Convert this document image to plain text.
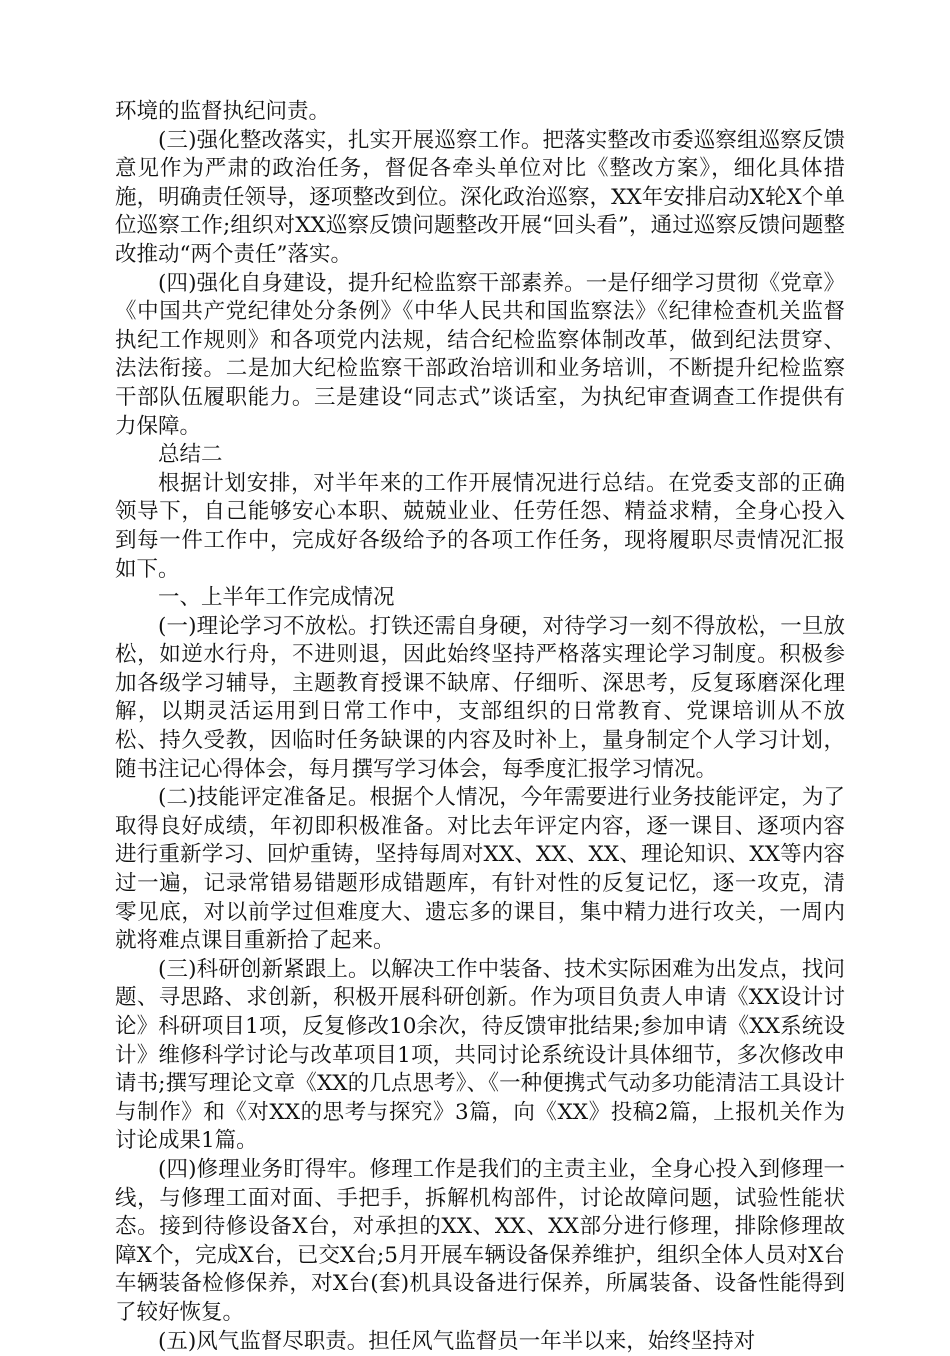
环境的监督执纪问责。

(三)强化整改落实，扎实开展巡察工作。把落实整改市委巡察组巡察反馈意见作为严肃的政治任务，督促各牵头单位对比《整改方案》，细化具体措施，明确责任领导，逐项整改到位。深化政治巡察，XX年安排启动X轮X个单位巡察工作;组织对XX巡察反馈问题整改开展“回头看”，通过巡察反馈问题整改推动“两个责任”落实。

(四)强化自身建设，提升纪检监察干部素养。一是仔细学习贯彻《党章》《中国共产党纪律处分条例》《中华人民共和国监察法》《纪律检查机关监督执纪工作规则》和各项党内法规，结合纪检监察体制改革，做到纪法贯穿、法法衔接。二是加大纪检监察干部政治培训和业务培训，不断提升纪检监察干部队伍履职能力。三是建设“同志式”谈话室，为执纪审查调查工作提供有力保障。

总结二

根据计划安排，对半年来的工作开展情况进行总结。在党委支部的正确领导下，自己能够安心本职、兢兢业业、任劳任怨、精益求精，全身心投入到每一件工作中，完成好各级给予的各项工作任务，现将履职尽责情况汇报如下。

一、上半年工作完成情况

(一)理论学习不放松。打铁还需自身硬，对待学习一刻不得放松，一旦放松，如逆水行舟，不进则退，因此始终坚持严格落实理论学习制度。积极参加各级学习辅导，主题教育授课不缺席、仔细听、深思考，反复琢磨深化理解，以期灵活运用到日常工作中，支部组织的日常教育、党课培训从不放松、持久受教，因临时任务缺课的内容及时补上，量身制定个人学习计划，随书注记心得体会，每月撰写学习体会，每季度汇报学习情况。

(二)技能评定准备足。根据个人情况，今年需要进行业务技能评定，为了取得良好成绩，年初即积极准备。对比去年评定内容，逐一课目、逐项内容进行重新学习、回炉重铸，坚持每周对XX、XX、XX、理论知识、XX等内容过一遍，记录常错易错题形成错题库，有针对性的反复记忆，逐一攻克，清零见底，对以前学过但难度大、遗忘多的课目，集中精力进行攻关，一周内就将难点课目重新拾了起来。

(三)科研创新紧跟上。以解决工作中装备、技术实际困难为出发点，找问题、寻思路、求创新，积极开展科研创新。作为项目负责人申请《XX设计讨论》科研项目1项，反复修改10余次，待反馈审批结果;参加申请《XX系统设计》维修科学讨论与改革项目1项，共同讨论系统设计具体细节，多次修改申请书;撰写理论文章《XX的几点思考》、《一种便携式气动多功能清洁工具设计与制作》和《对XX的思考与探究》3篇，向《XX》投稿2篇，上报机关作为讨论成果1篇。

(四)修理业务盯得牢。修理工作是我们的主责主业，全身心投入到修理一线，与修理工面对面、手把手，拆解机构部件，讨论故障问题，试验性能状态。接到待修设备X台，对承担的XX、XX、XX部分进行修理，排除修理故障X个，完成X台，已交X台;5月开展车辆设备保养维护，组织全体人员对X台车辆装备检修保养，对X台(套)机具设备进行保养，所属装备、设备性能得到了较好恢复。

(五)风气监督尽职责。担任风气监督员一年半以来，始终坚持对
